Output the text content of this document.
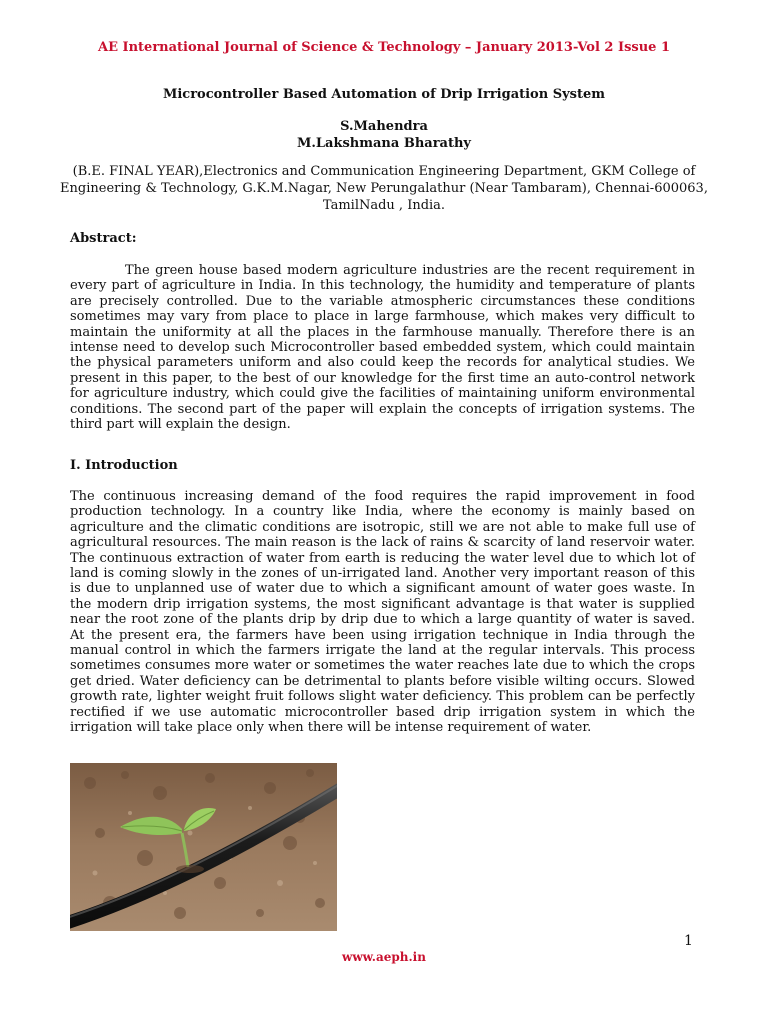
AE International Journal of Science & Technology – January 2013-Vol 2 Issue 1
Microcontroller Based Automation of Drip Irrigation System
S.Mahendra
M.Lakshmana Bharathy
(B.E. FINAL YEAR),Electronics and Communication Engineering Department, GKM College of Engineering & Technology, G.K.M.Nagar, New Perungalathur (Near Tambaram), Chennai-600063, TamilNadu , India.
Abstract:
The green house based modern agriculture industries are the recent requirement in every part of agriculture in India. In this technology, the humidity and temperature of plants are precisely controlled. Due to the variable atmospheric circumstances these conditions sometimes may vary from place to place in large farmhouse, which makes very difficult to maintain the uniformity at all the places in the farmhouse manually. Therefore there is an intense need to develop such Microcontroller based embedded system, which could maintain the physical parameters uniform and also could keep the records for analytical studies. We present in this paper, to the best of our knowledge for the first time an auto-control network for agriculture industry, which could give the facilities of maintaining uniform environmental conditions. The second part of the paper will explain the concepts of irrigation systems. The third part will explain the design.
I. Introduction
The continuous increasing demand of the food requires the rapid improvement in food production technology. In a country like India, where the economy is mainly based on agriculture and the climatic conditions are isotropic, still we are not able to make full use of agricultural resources. The main reason is the lack of rains & scarcity of land reservoir water. The continuous extraction of water from earth is reducing the water level due to which lot of land is coming slowly in the zones of un-irrigated land. Another very important reason of this is due to unplanned use of water due to which a significant amount of water goes waste. In the modern drip irrigation systems, the most significant advantage is that water is supplied near the root zone of the plants drip by drip due to which a large quantity of water is saved. At the present era, the farmers have been using irrigation technique in India through the manual control in which the farmers irrigate the land at the regular intervals. This process sometimes consumes more water or sometimes the water reaches late due to which the crops get dried. Water deficiency can be detrimental to plants before visible wilting occurs. Slowed growth rate, lighter weight fruit follows slight water deficiency. This problem can be perfectly rectified if we use automatic microcontroller based drip irrigation system in which the irrigation will take place only when there will be intense requirement of water.
1
www.aeph.in
